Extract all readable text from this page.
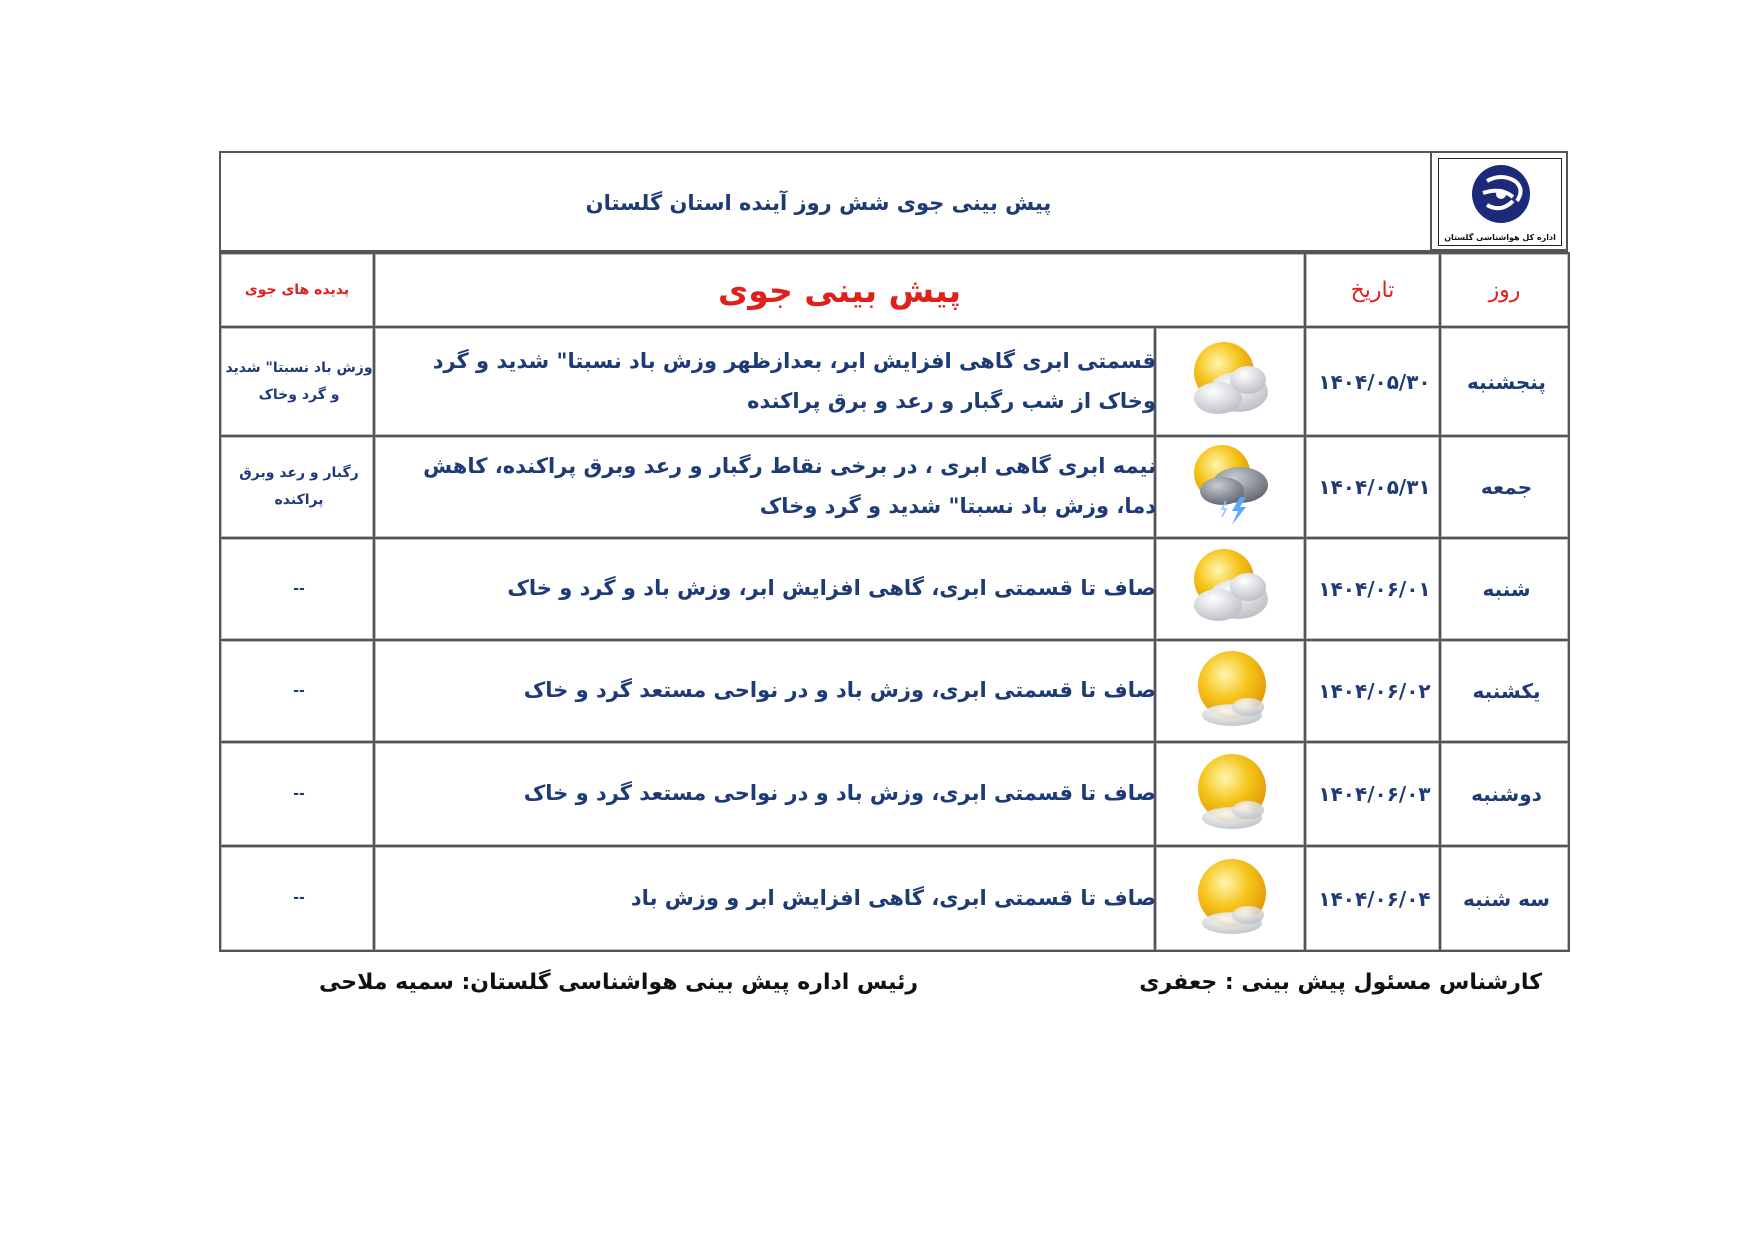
پیش بینی جوی شش روز آینده استان گلستان
اداره کل هواشناسی گلستان
پدیده های جوی	پیش بینی جوی		تاریخ	روز
وزش باد نسبتا" شدید و گرد وخاک	قسمتی ابری گاهی افزایش ابر، بعدازظهر وزش باد نسبتا" شدید و گرد وخاک از شب رگبار و رعد و برق پراکنده		۱۴۰۴/۰۵/۳۰	پنجشنبه
رگبار و رعد وبرق پراکنده	نیمه ابری گاهی ابری ، در برخی نقاط رگبار و رعد وبرق پراکنده، کاهش دما، وزش باد نسبتا" شدید و گرد وخاک		۱۴۰۴/۰۵/۳۱	جمعه
--	صاف تا قسمتی ابری، گاهی افزایش ابر، وزش باد و گرد و خاک		۱۴۰۴/۰۶/۰۱	شنبه
--	صاف تا قسمتی ابری، وزش باد و در نواحی مستعد گرد و خاک		۱۴۰۴/۰۶/۰۲	یکشنبه
--	صاف تا قسمتی ابری، وزش باد و در نواحی مستعد گرد و خاک		۱۴۰۴/۰۶/۰۳	دوشنبه
--	صاف تا قسمتی ابری، گاهی افزایش ابر و وزش باد		۱۴۰۴/۰۶/۰۴	سه شنبه
کارشناس مسئول پیش بینی : جعفری
رئیس اداره پیش بینی هواشناسی گلستان: سمیه ملاحی
